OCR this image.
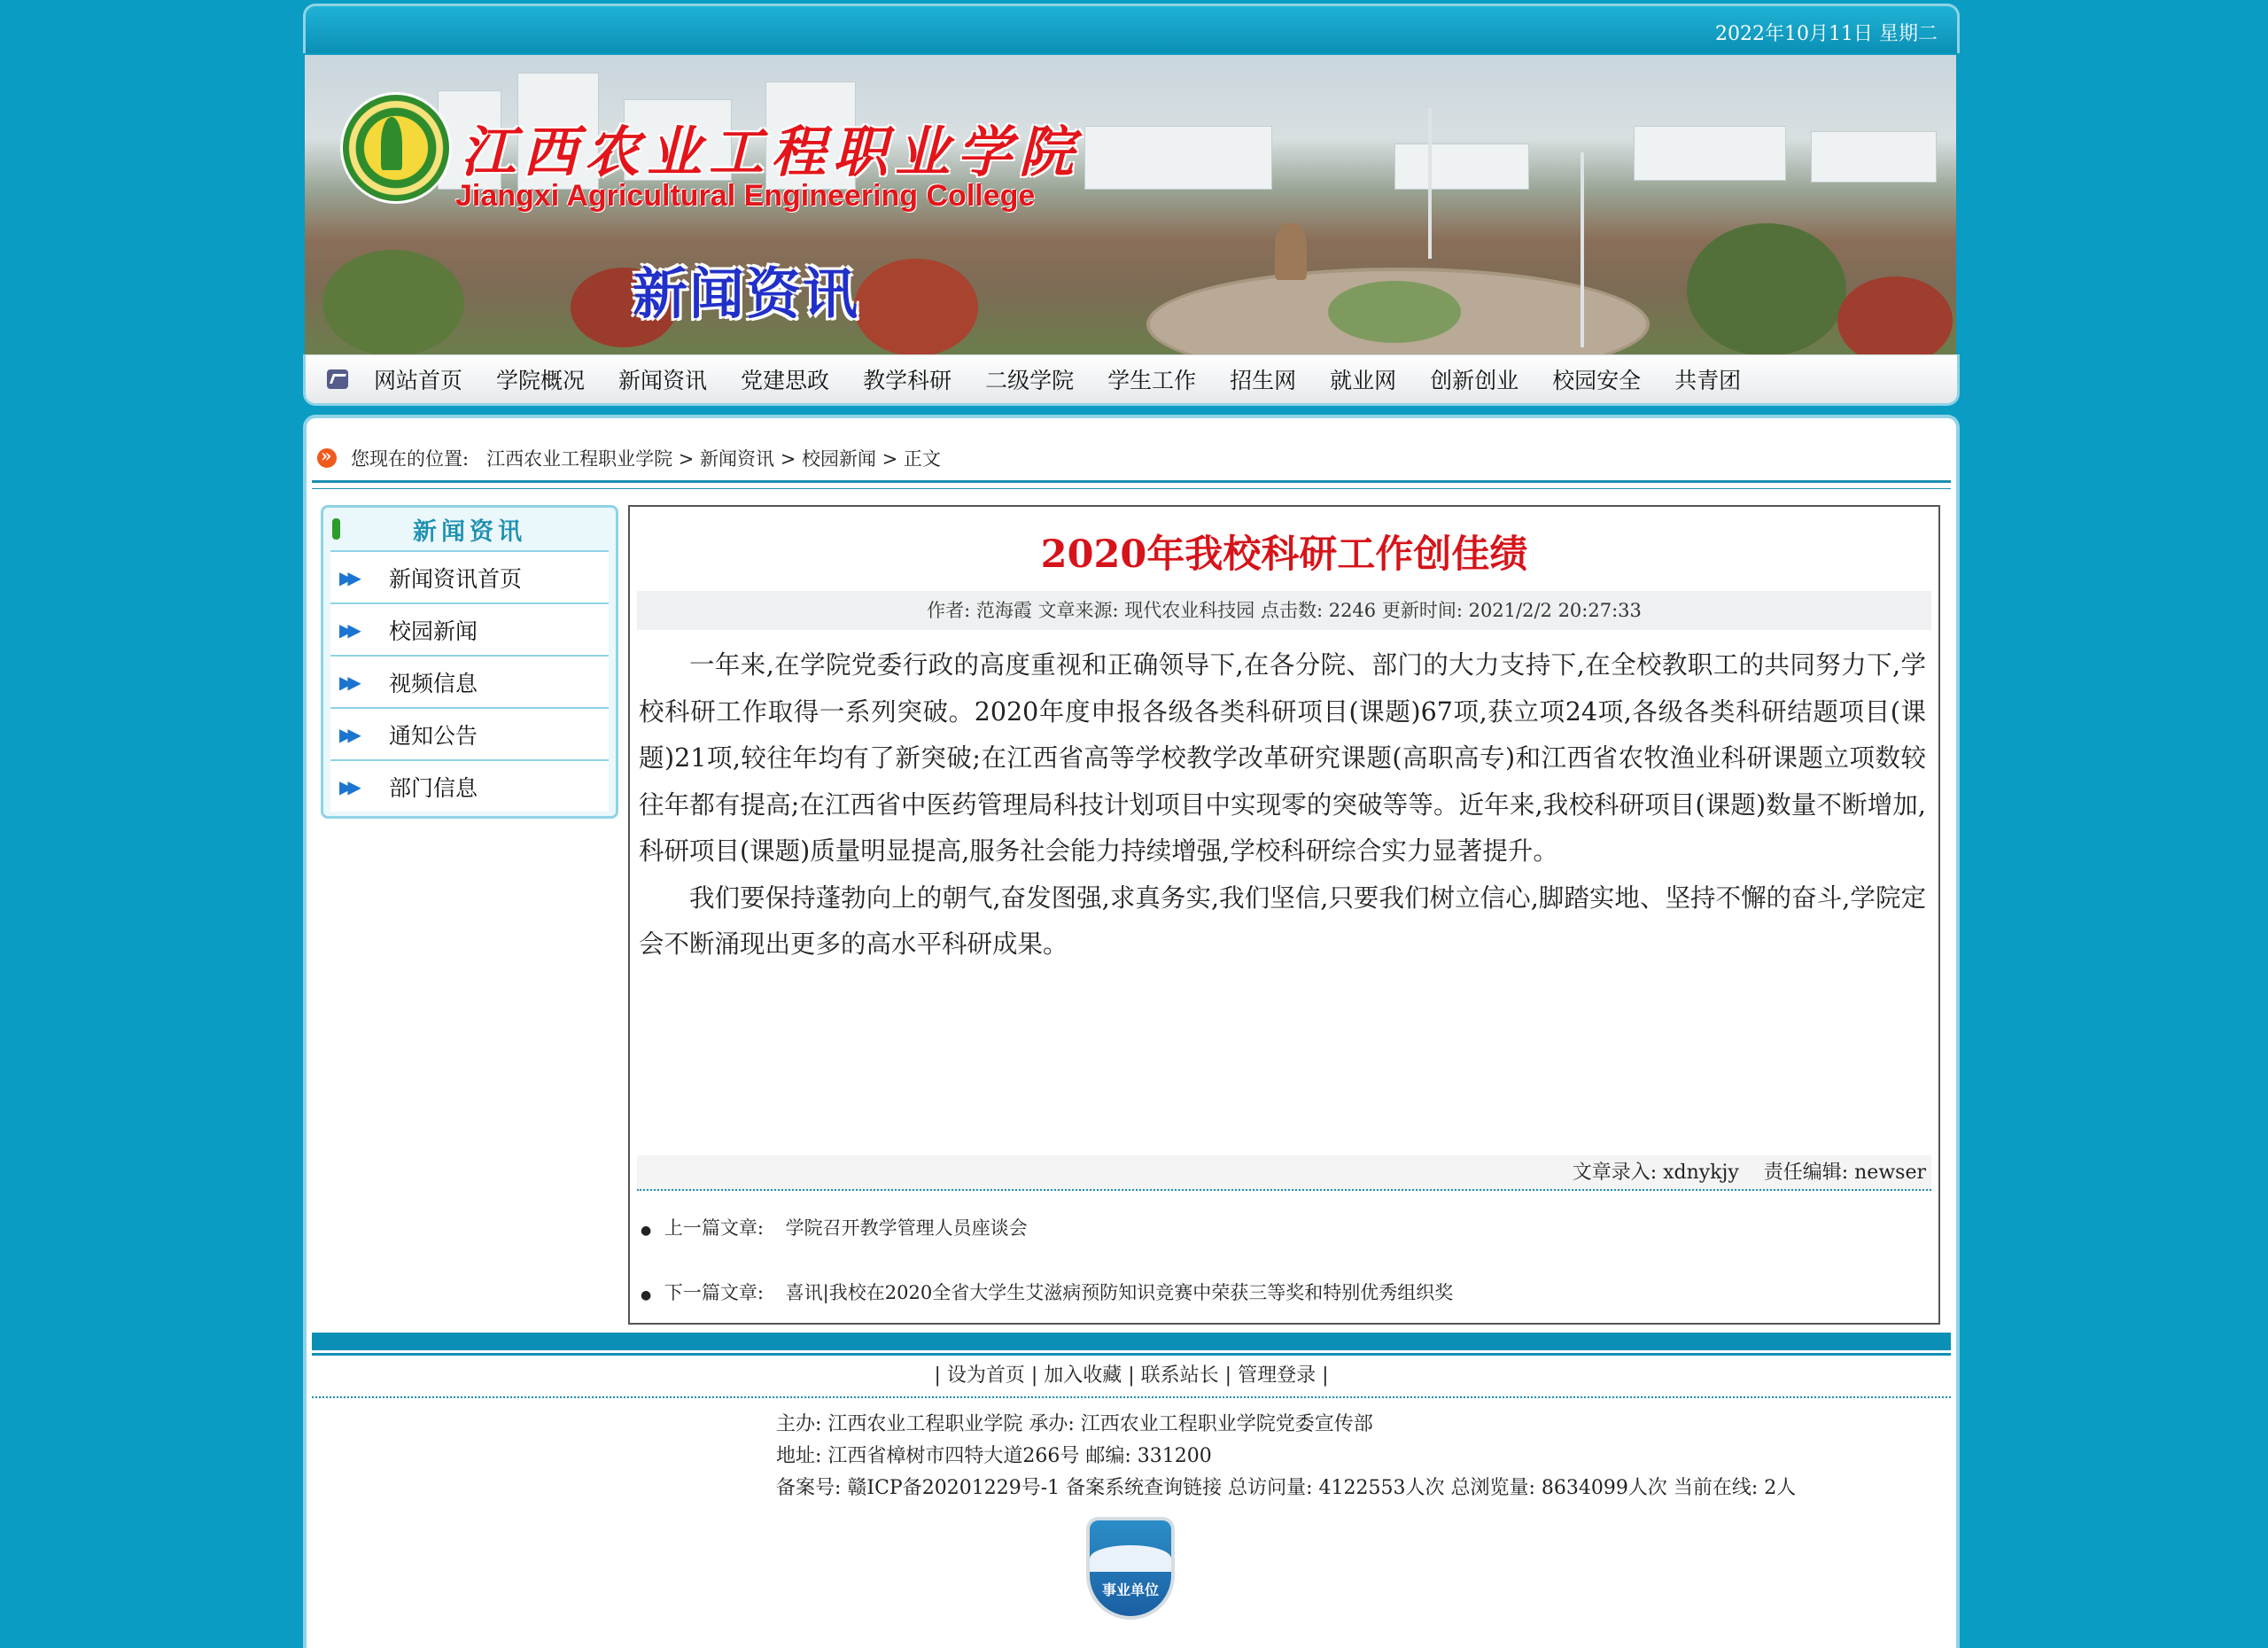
2022年10月11日 星期二
江西农业工程职业学院
Jiangxi Agricultural Engineering College
新闻资讯
网站首页 学院概况 新闻资讯 党建思政 教学科研 二级学院 学生工作 招生网 就业网 创新创业 校园安全 共青团
»
您现在的位置: 江西农业工程职业学院 > 新闻资讯 > 校园新闻 > 正文
新闻资讯
▶▶	新闻资讯首页
▶▶	校园新闻
▶▶	视频信息
▶▶	通知公告
▶▶	部门信息
2020年我校科研工作创佳绩
作者: 范海霞 文章来源: 现代农业科技园 点击数: 2246 更新时间: 2021/2/2 20:27:33

一年来,在学院党委行政的高度重视和正确领导下,在各分院、部门的大力支持下,在全校教职工的共同努力下,学校科研工作取得一系列突破。2020年度申报各级各类科研项目(课题)67项,获立项24项,各级各类科研结题项目(课题)21项,较往年均有了新突破;在江西省高等学校教学改革研究课题(高职高专)和江西省农牧渔业科研课题立项数较往年都有提高;在江西省中医药管理局科技计划项目中实现零的突破等等。近年来,我校科研项目(课题)数量不断增加,科研项目(课题)质量明显提高,服务社会能力持续增强,学校科研综合实力显著提升。

我们要保持蓬勃向上的朝气,奋发图强,求真务实,我们坚信,只要我们树立信心,脚踏实地、坚持不懈的奋斗,学院定会不断涌现出更多的高水平科研成果。

文章录入: xdnykjy    责任编辑: newser
● 上一篇文章: 学院召开教学管理人员座谈会
● 下一篇文章: 喜讯|我校在2020全省大学生艾滋病预防知识竞赛中荣获三等奖和特别优秀组织奖
| 设为首页 | 加入收藏 | 联系站长 | 管理登录 |
主办: 江西农业工程职业学院 承办: 江西农业工程职业学院党委宣传部
地址: 江西省樟树市四特大道266号 邮编: 331200
备案号: 赣ICP备20201229号-1 备案系统查询链接 总访问量: 4122553人次 总浏览量: 8634099人次 当前在线: 2人
事业单位
